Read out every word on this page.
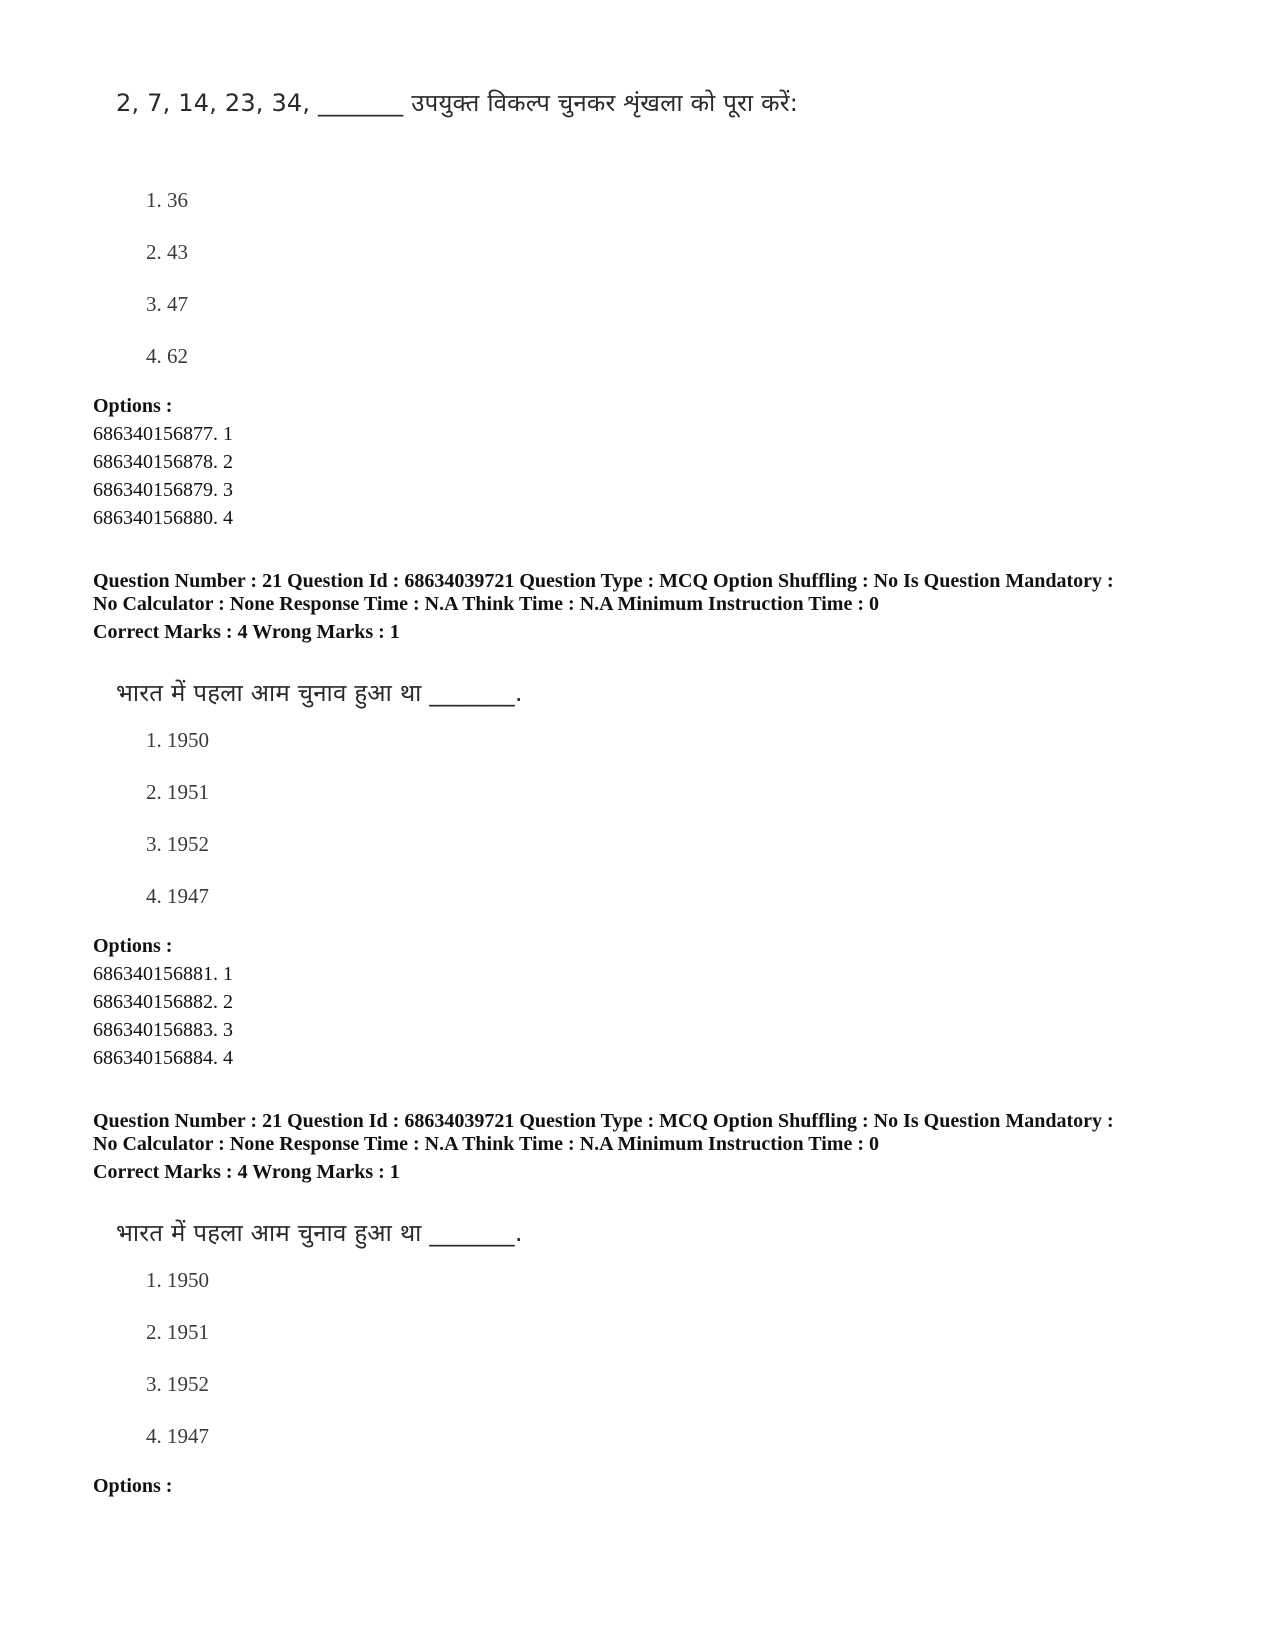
2, 7, 14, 23, 34, _______ उपयुक्त विकल्प चुनकर शृंखला को पूरा करें:
1. 36
2. 43
3. 47
4. 62
Options :
686340156877. 1
686340156878. 2
686340156879. 3
686340156880. 4
Question Number : 21 Question Id : 68634039721 Question Type : MCQ Option Shuffling : No Is Question Mandatory :
No Calculator : None Response Time : N.A Think Time : N.A Minimum Instruction Time : 0
Correct Marks : 4 Wrong Marks : 1
भारत में पहला आम चुनाव हुआ था _______.
1. 1950
2. 1951
3. 1952
4. 1947
Options :
686340156881. 1
686340156882. 2
686340156883. 3
686340156884. 4
Question Number : 21 Question Id : 68634039721 Question Type : MCQ Option Shuffling : No Is Question Mandatory :
No Calculator : None Response Time : N.A Think Time : N.A Minimum Instruction Time : 0
Correct Marks : 4 Wrong Marks : 1
भारत में पहला आम चुनाव हुआ था _______.
1. 1950
2. 1951
3. 1952
4. 1947
Options :
